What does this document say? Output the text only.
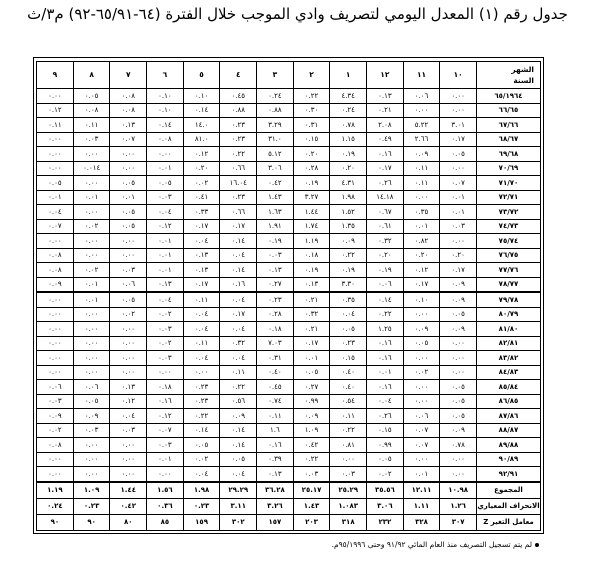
جدول رقم (١) المعدل اليومي لتصريف وادي الموجب خلال الفترة (٦٤-٦٥/٩١-٩٢) م٣/ث
الشهر
السنة	١٠	١١	١٢	١	٢	٣	٤	٥	٦	٧	٨	٩
٦٥/١٩٦٤	٠.٠٠	٠.٠٦	٠.١٣	٤.٣٤	٠.٢٢	٠.٢٤	٠.٤٥	٠.١٠	٠.١٠	٠.٠٨	٠.٠٥	٠.٠٠
٦٦/٦٥	٠.٠٠	٠.٠٠	٠.٢١	٠.٢٤	٠.٣٠	٠.٨٨	٠.٨٨	٠.١٤	٠.١٠	٠.٠٨	٠.٠٨	٠.١٢
٦٧/٦٦	٣.٠١	٥.٢٢	٢.٠٨	٠.٧٨	٠.٣١	٣.٢٩	٠.٢٣	١٤.٠	٠.١٤	٠.١٣	٠.١١	٠.١١
٦٨/٦٧	٠.١٧	٢.٦٦	٠.٤٩	١.١٥	٠.١٥	٣١.٠	٠.٢٣	٨١.٠	٠.٠٨	٠.٠٧	٠.٠٣	٠.٠٠
٦٩/٦٨	٠.٠٥	٠.٠٩	٠.١٦	٠.١٩	٠.٢٠	٥.١٢	٠.٢٢	٠.١٢	٠.٠٠	٠.٠٠	٠.٠٠	٠.٠٠
٧٠/٦٩	٠.٠٠	٠.١١	٠.١٧	٠.٢٠	٠.٢٨	٣.٠٦	٠.٦٦	٠.٢٠	٠.٠١	٠.٠٠	٠.٠١٤	٠.٠٠
٧١/٧٠	٠.٠٧	٠.١١	٠.٢٦	٤.٣١	٠.١٩	٠.٤٢	١٦.٠٤	٠.٠٢	٠.٠٥	٠.٠٥	٠.٠٠	٠.٠٥
٧٢/٧١	٠.٠١	٠.٠٠	١٤.١٨	١.٩٨	٣.٢٧	١.٤٣	٠.٢٣	٠.٤١	٠.٠٣	٠.٠١	٠.٠١	٠.٠١
٧٣/٧٢	٠.٠١	٠.٣٥	٠.٦٧	١.٥٢	١.٤٤	١.٦٣	٠.٦٦	٠.٣٣	٠.٠٤	٠.٠٥	٠.٠٠	٠.٠٤
٧٤/٧٣	٠.٠٣	٠.٠١	٠.٦١	١.٣٥	١.٧٤	١.٩١	٠.١٧	٠.١٧	٠.١٢	٠.٠٥	٠.٠٢	٠.٠٧
٧٥/٧٤	٠.٠٠	٠.٨٢	٠.٣٢	٠.٠٩	١.١٩	٠.١٩	٠.١٤	٠.٠٤	٠.٠١	٠.٠٠	٠.٠٠	٠.٠٠
٧٦/٧٥	٠.٢٠	٠.٢٠	٠.٢٠	٠.٢٢	٠.١٨	٠.٠٣	٠.٠٤	٠.١٣	٠.٠١	٠.٠٠	٠.٠٠	٠.٠٨
٧٧/٧٦	٠.١٧	٠.١٢	٠.١٩	٠.١٩	٠.١٩	٠.١٣	٠.١٤	٠.١٣	٠.٠١	٠.٠٣	٠.٠٢	٠.٠٨
٧٨/٧٧	٠.٠٩	٠.١٧	٠.٠٦	٣.٣٠	٠.١٣	٠.٢٧	٠.١٦	٠.١٧	٠.١٣	٠.٠٦	٠.٠١	٠.٠٩
٧٩/٧٨	٠.٠٩	٠.١٠	٠.١٤	٠.٣٥	٠.٢١	٠.٢٣	٠.٠٤	٠.١١	٠.٠٤	٠.٠٥	٠.٠١	٠.٠٠
٨٠/٧٩	٠.٠٥	٠.٠٠	٠.٢٢	٠.٠٤	٠.٣٢	٠.٢٨	٠.١٧	٠.٠٤	٠.٠٢	٠.٠٢	٠.٠٠	٠.٠٠
٨١/٨٠	٠.٠٩	٠.٠٩	١.٢٥	٠.٠٥	٠.٢١	٠.١٨	٠.٠٤	٠.٠٤	٠.٠٣	٠.٠٠	٠.٠٠	٠.٠٠
٨٢/٨١	٠.٠٠	٠.٠٥	٠.١٦	٠.٢٣	٠.١٧	٧.٠٣	٠.٣٢	٠.١١	٠.٠٢	٠.٠٠	٠.٠٠	٠.٠٠
٨٣/٨٢	٠.٠٠	٠.٠٠	٠.١٦	٠.١٥	٠.٠١	٠.٣١	٠.٠٤	٠.٠٤	٠.٠٣	٠.٠٠	٠.٠٠	٠.٠٠
٨٤/٨٣	٠.٠٠	٠.٠٢	٠.٠١	٠.٤٠	٠.٠٥	٠.٤٠	٠.١١	٠.٠٠	٠.٠٠	٠.٠٠	٠.٠٠	٠.٠٠
٨٥/٨٤	٠.٠٥	٠.٠٠	٠.١٦	٠.٤٠	٠.٢٧	٠.٤٥	٠.٢٢	٠.٢٣	٠.١٨	٠.١٣	٠.٠٦	٠.٠٦
٨٦/٨٥	٠.٠٥	٠.٠٠	٠.٠٤	٠.٥٤	٠.٩٩	٠.٧٤	٠.٥٦	٠.٢٣	٠.١٦	٠.١٢	٠.٠٥	٠.٠٣
٨٧/٨٦	٠.٠٥	٠.٠٦	٠.٢٦	٠.١١	٠.٠٩	٠.١١	٠.٠٩	٠.٢٢	٠.١٢	٠.٠٤	٠.٠٩	٠.٠٩
٨٨/٨٧	٠.٠٩	٠.٠٧	٠.١٥	٠.٢٢	١.٠٩	١.٦	٠.١٤	٠.١٤	٠.٠٧	٠.٠٣	٠.٠٣	٠.٠٢
٨٩/٨٨	٠.٧٨	٠.٠٧	٠.٩٩	٠.٨١	٠.٤٢	٠.١٦	٠.١٤	٠.٠٥	٠.٠٣	٠.٠٠	٠.٠٠	٠.٠٨
٩٠/٨٩	٠.٠٠	٠.٠٠	٠.٠٥	٠.٠٠	٠.٢٢	٠.٣٩	٠.٠٥	٠.٠٢	٠.٠١	٠.٠٠	٠.٠٠	٠.٠٠
٩٢/٩١	٠.٠٠	٠.٠١	٠.٠٢	٠.٠٣	٠.٠٣	٠.١٣	٠.٠٤	٠.٠٤	٠.٠٠	٠.٠٠	٠.٠٠	٠.٠٠
المجموع	١٠.٩٨	١٢.١١	٣٥.٥٦	٢٥.٢٩	٢٥.١٧	٣٦.٢٨	٢٩.٢٩	١.٩٨	١.٥٦	١.٤٤	١.٠٩	١.١٩
الانحراف المعياري	١.٢٦	١.١١	٣.٠٦	١.٠٨٣	١.٤٣	٣.٢٦	٣.١١	٠.٢٣	٠.٣٦	٠.٤٢	٠.٢٣	٠.٢٤
معامل التغير Z	٣٠٧	٣٢٨	٢٣٢	٣١٨	٢٠٣	١٥٧	٣٠٢	١٥٩	٨٥	٨٠	٩٠	٩٠
لم يتم تسجيل التصريف منذ العام المائي ٩١/٩٢ وحتى ٩٥/١٩٩٦م.
